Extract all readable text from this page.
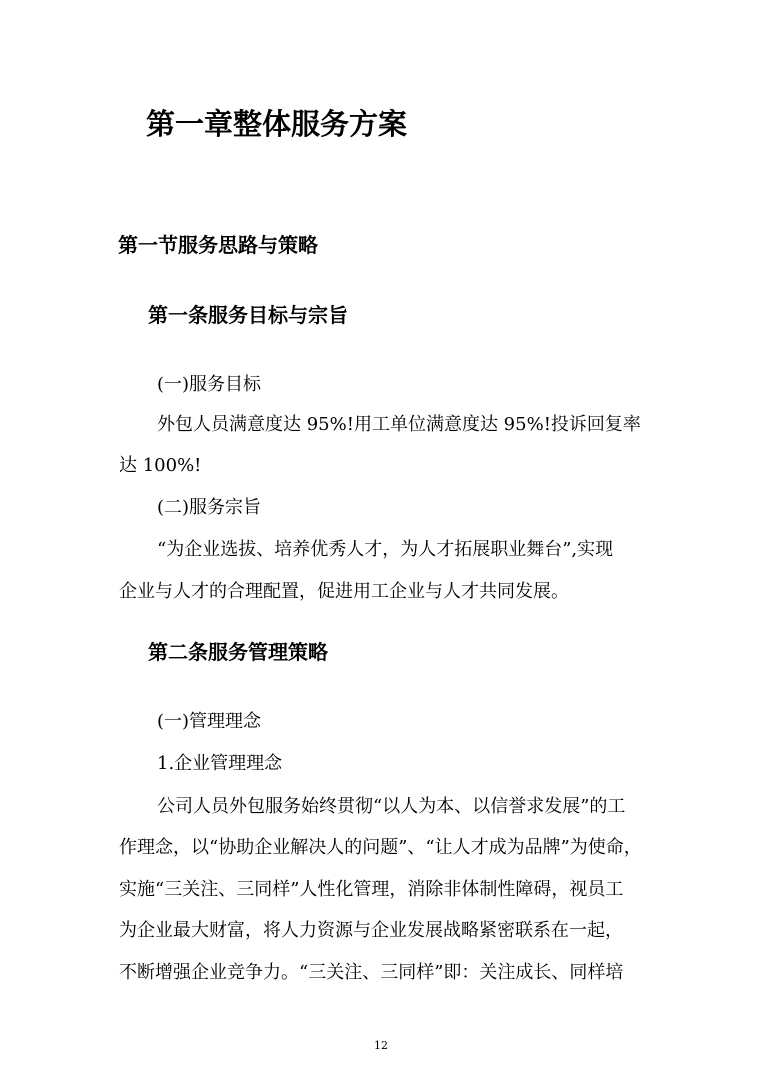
第一章整体服务方案
第一节服务思路与策略
第一条服务目标与宗旨
(一)服务目标
外包人员满意度达 95%!用工单位满意度达 95%!投诉回复率
达 100%!
(二)服务宗旨
“为企业选拔、培养优秀人才，为人才拓展职业舞台”,实现
企业与人才的合理配置，促进用工企业与人才共同发展。
第二条服务管理策略
(一)管理理念
1.企业管理理念
公司人员外包服务始终贯彻“以人为本、以信誉求发展”的工
作理念，以“协助企业解决人的问题”、“让人才成为品牌”为使命，
实施“三关注、三同样”人性化管理，消除非体制性障碍，视员工
为企业最大财富，将人力资源与企业发展战略紧密联系在一起，
不断增强企业竞争力。“三关注、三同样”即：关注成长、同样培
12
